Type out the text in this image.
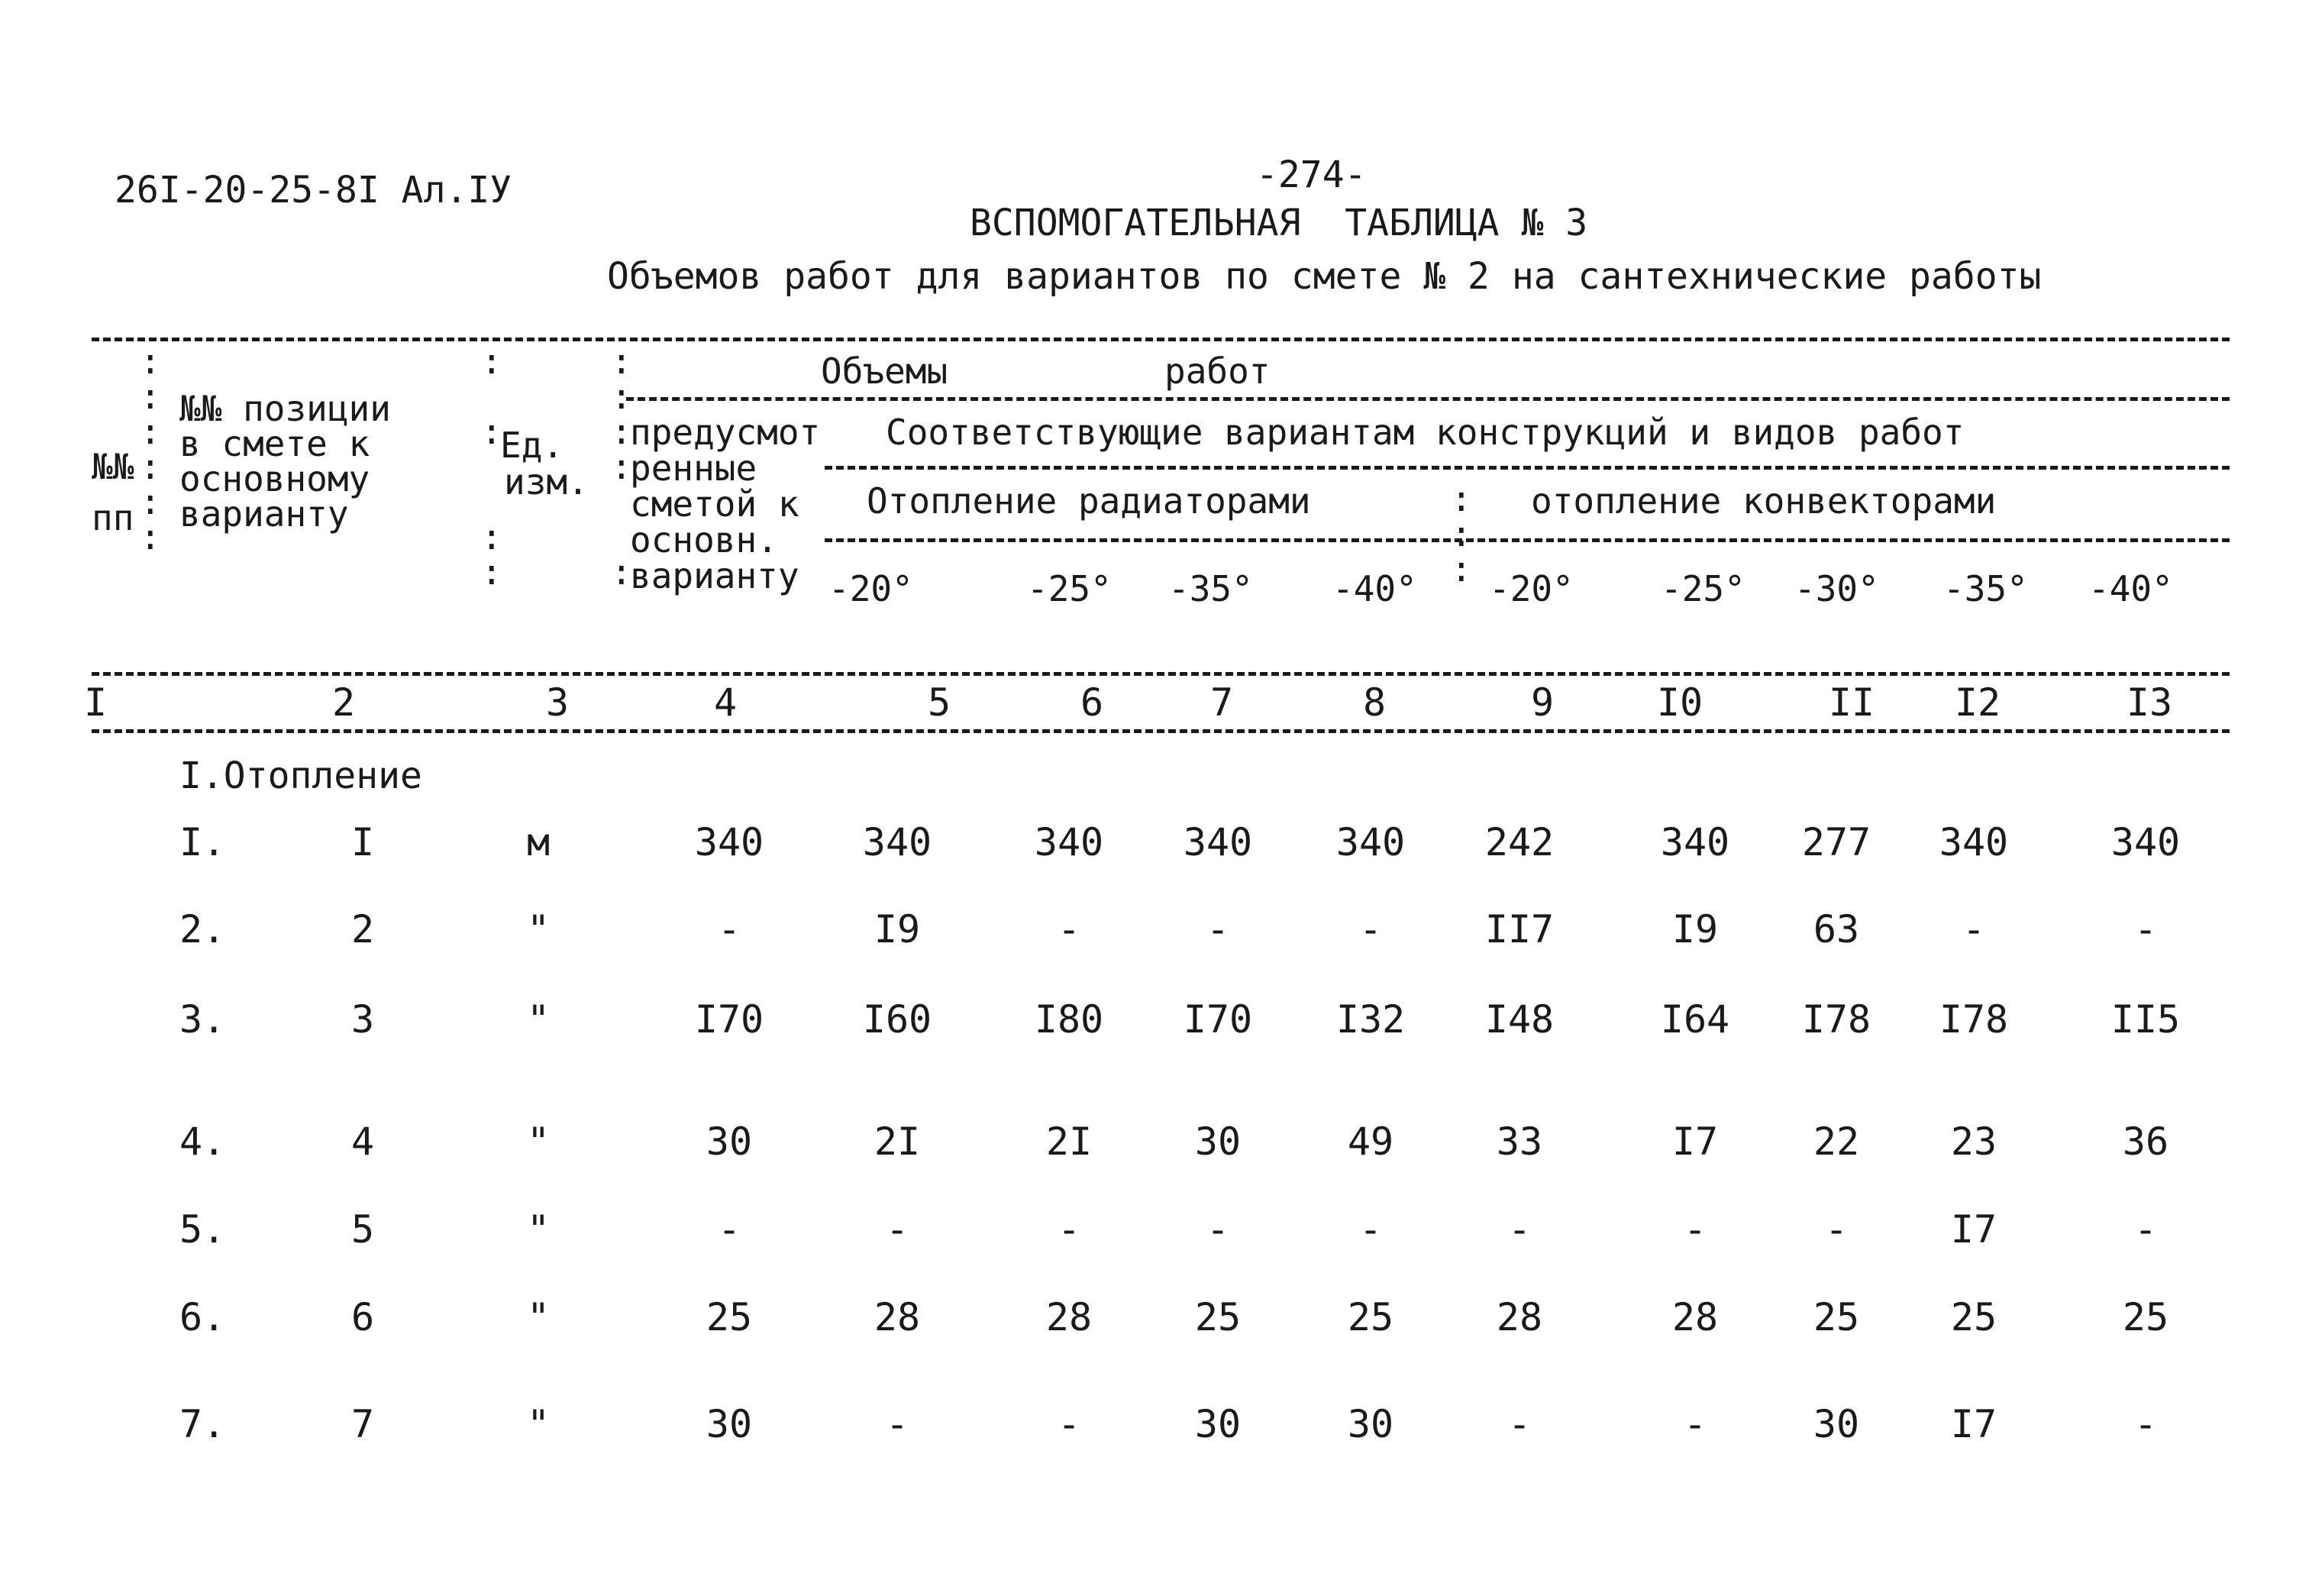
26I-20-25-8I Ал.IУ	-274-
ВСПОМОГАТЕЛЬНАЯ  ТАБЛИЦА № 3
Объемов работ для вариантов по смете № 2 на сантехнические работы
:
:
:
:
:
:
:

:

:
:
:
:
:
:

:
№№
пп
№№ позиции
в смете к
основному
варианту
Ед.
изм.
Объемы	работ
предусмот
ренные
сметой к
основн.
варианту
Соответствующие вариантам конструкций и видов работ
Отопление радиаторами	отопление конвекторами
:
:
:
-20°	-25° -35° -40° -20° -25° -30° -35° -40°
I	2	3	4	5	6	7	8	9	I0	II	I2	I3
I.Отопление
I.	I	м	340	340	340	340	340	242	340	277	340	340
2.	2	"	-	I9	-	-	-	II7	I9	63	-	-
3.	3	"	I70	I60	I80	I70	I32	I48	I64	I78	I78	II5
4.	4	"	30	2I	2I	30	49	33	I7	22	23	36
5.	5	"	-	-	-	-	-	-	-	-	I7	-
6.	6	"	25	28	28	25	25	28	28	25	25	25
7.	7	"	30	-	-	30	30	-	-	30	I7	-
